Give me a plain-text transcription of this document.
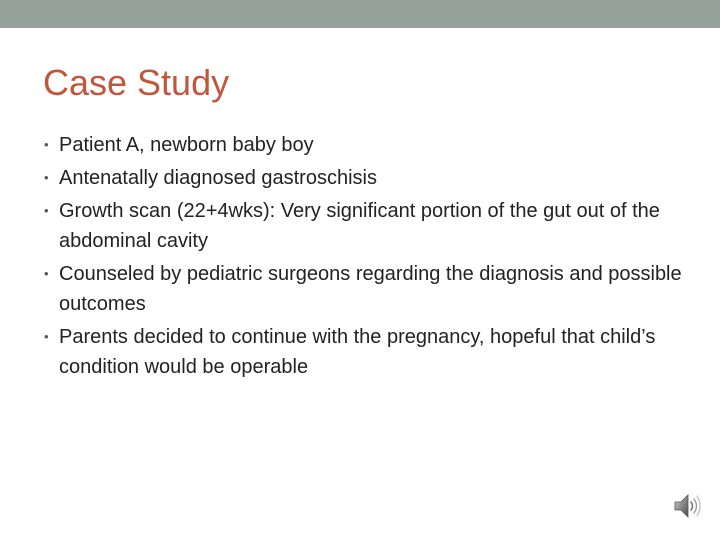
Case Study
• Patient A, newborn baby boy
• Antenatally diagnosed gastroschisis
• Growth scan (22+4wks): Very significant portion of the gut out of the abdominal cavity
• Counseled by pediatric surgeons regarding the diagnosis and possible outcomes
• Parents decided to continue with the pregnancy, hopeful that child’s condition would be operable
